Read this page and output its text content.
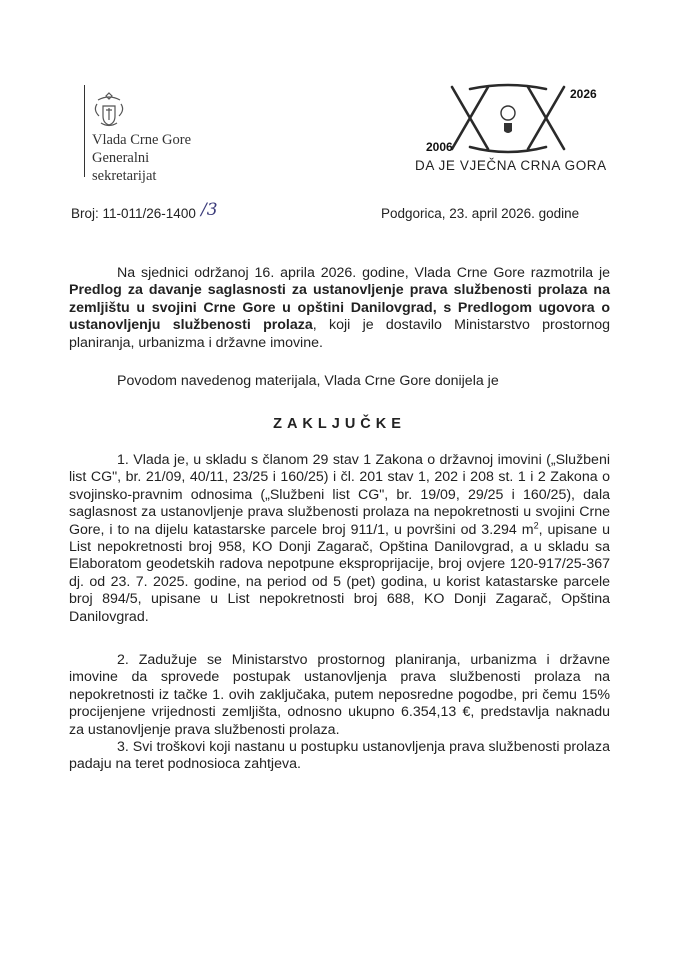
Vlada Crne Gore
Generalni
sekretarijat
2006
2026
DA JE VJEČNA CRNA GORA
Broj: 11-011/26-1400 /3	Podgorica, 23. april 2026. godine
Na sjednici održanoj 16. aprila 2026. godine, Vlada Crne Gore razmotrila je Predlog za davanje saglasnosti za ustanovljenje prava službenosti prolaza na zemljištu u svojini Crne Gore u opštini Danilovgrad, s Predlogom ugovora o ustanovljenju službenosti prolaza, koji je dostavilo Ministarstvo prostornog planiranja, urbanizma i državne imovine.
Povodom navedenog materijala, Vlada Crne Gore donijela je
ZAKLJUČKE
1. Vlada je, u skladu s članom 29 stav 1 Zakona o državnoj imovini („Službeni list CG", br. 21/09, 40/11, 23/25 i 160/25) i čl. 201 stav 1, 202 i 208 st. 1 i 2 Zakona o svojinsko-pravnim odnosima („Službeni list CG", br. 19/09, 29/25 i 160/25), dala saglasnost za ustanovljenje prava službenosti prolaza na nepokretnosti u svojini Crne Gore, i to na dijelu katastarske parcele broj 911/1, u površini od 3.294 $m^2$, upisane u List nepokretnosti broj 958, KO Donji Zagarač, Opština Danilovgrad, a u skladu sa Elaboratom geodetskih radova nepotpune eksproprijacije, broj ovjere 120-917/25-367 dj. od 23. 7. 2025. godine, na period od 5 (pet) godina, u korist katastarske parcele broj 894/5, upisane u List nepokretnosti broj 688, KO Donji Zagarač, Opština Danilovgrad.
2. Zadužuje se Ministarstvo prostornog planiranja, urbanizma i državne imovine da sprovede postupak ustanovljenja prava službenosti prolaza na nepokretnosti iz tačke 1. ovih zaključaka, putem neposredne pogodbe, pri čemu 15% procijenjene vrijednosti zemljišta, odnosno ukupno 6.354,13 €, predstavlja naknadu za ustanovljenje prava službenosti prolaza.
3. Svi troškovi koji nastanu u postupku ustanovljenja prava službenosti prolaza padaju na teret podnosioca zahtjeva.
